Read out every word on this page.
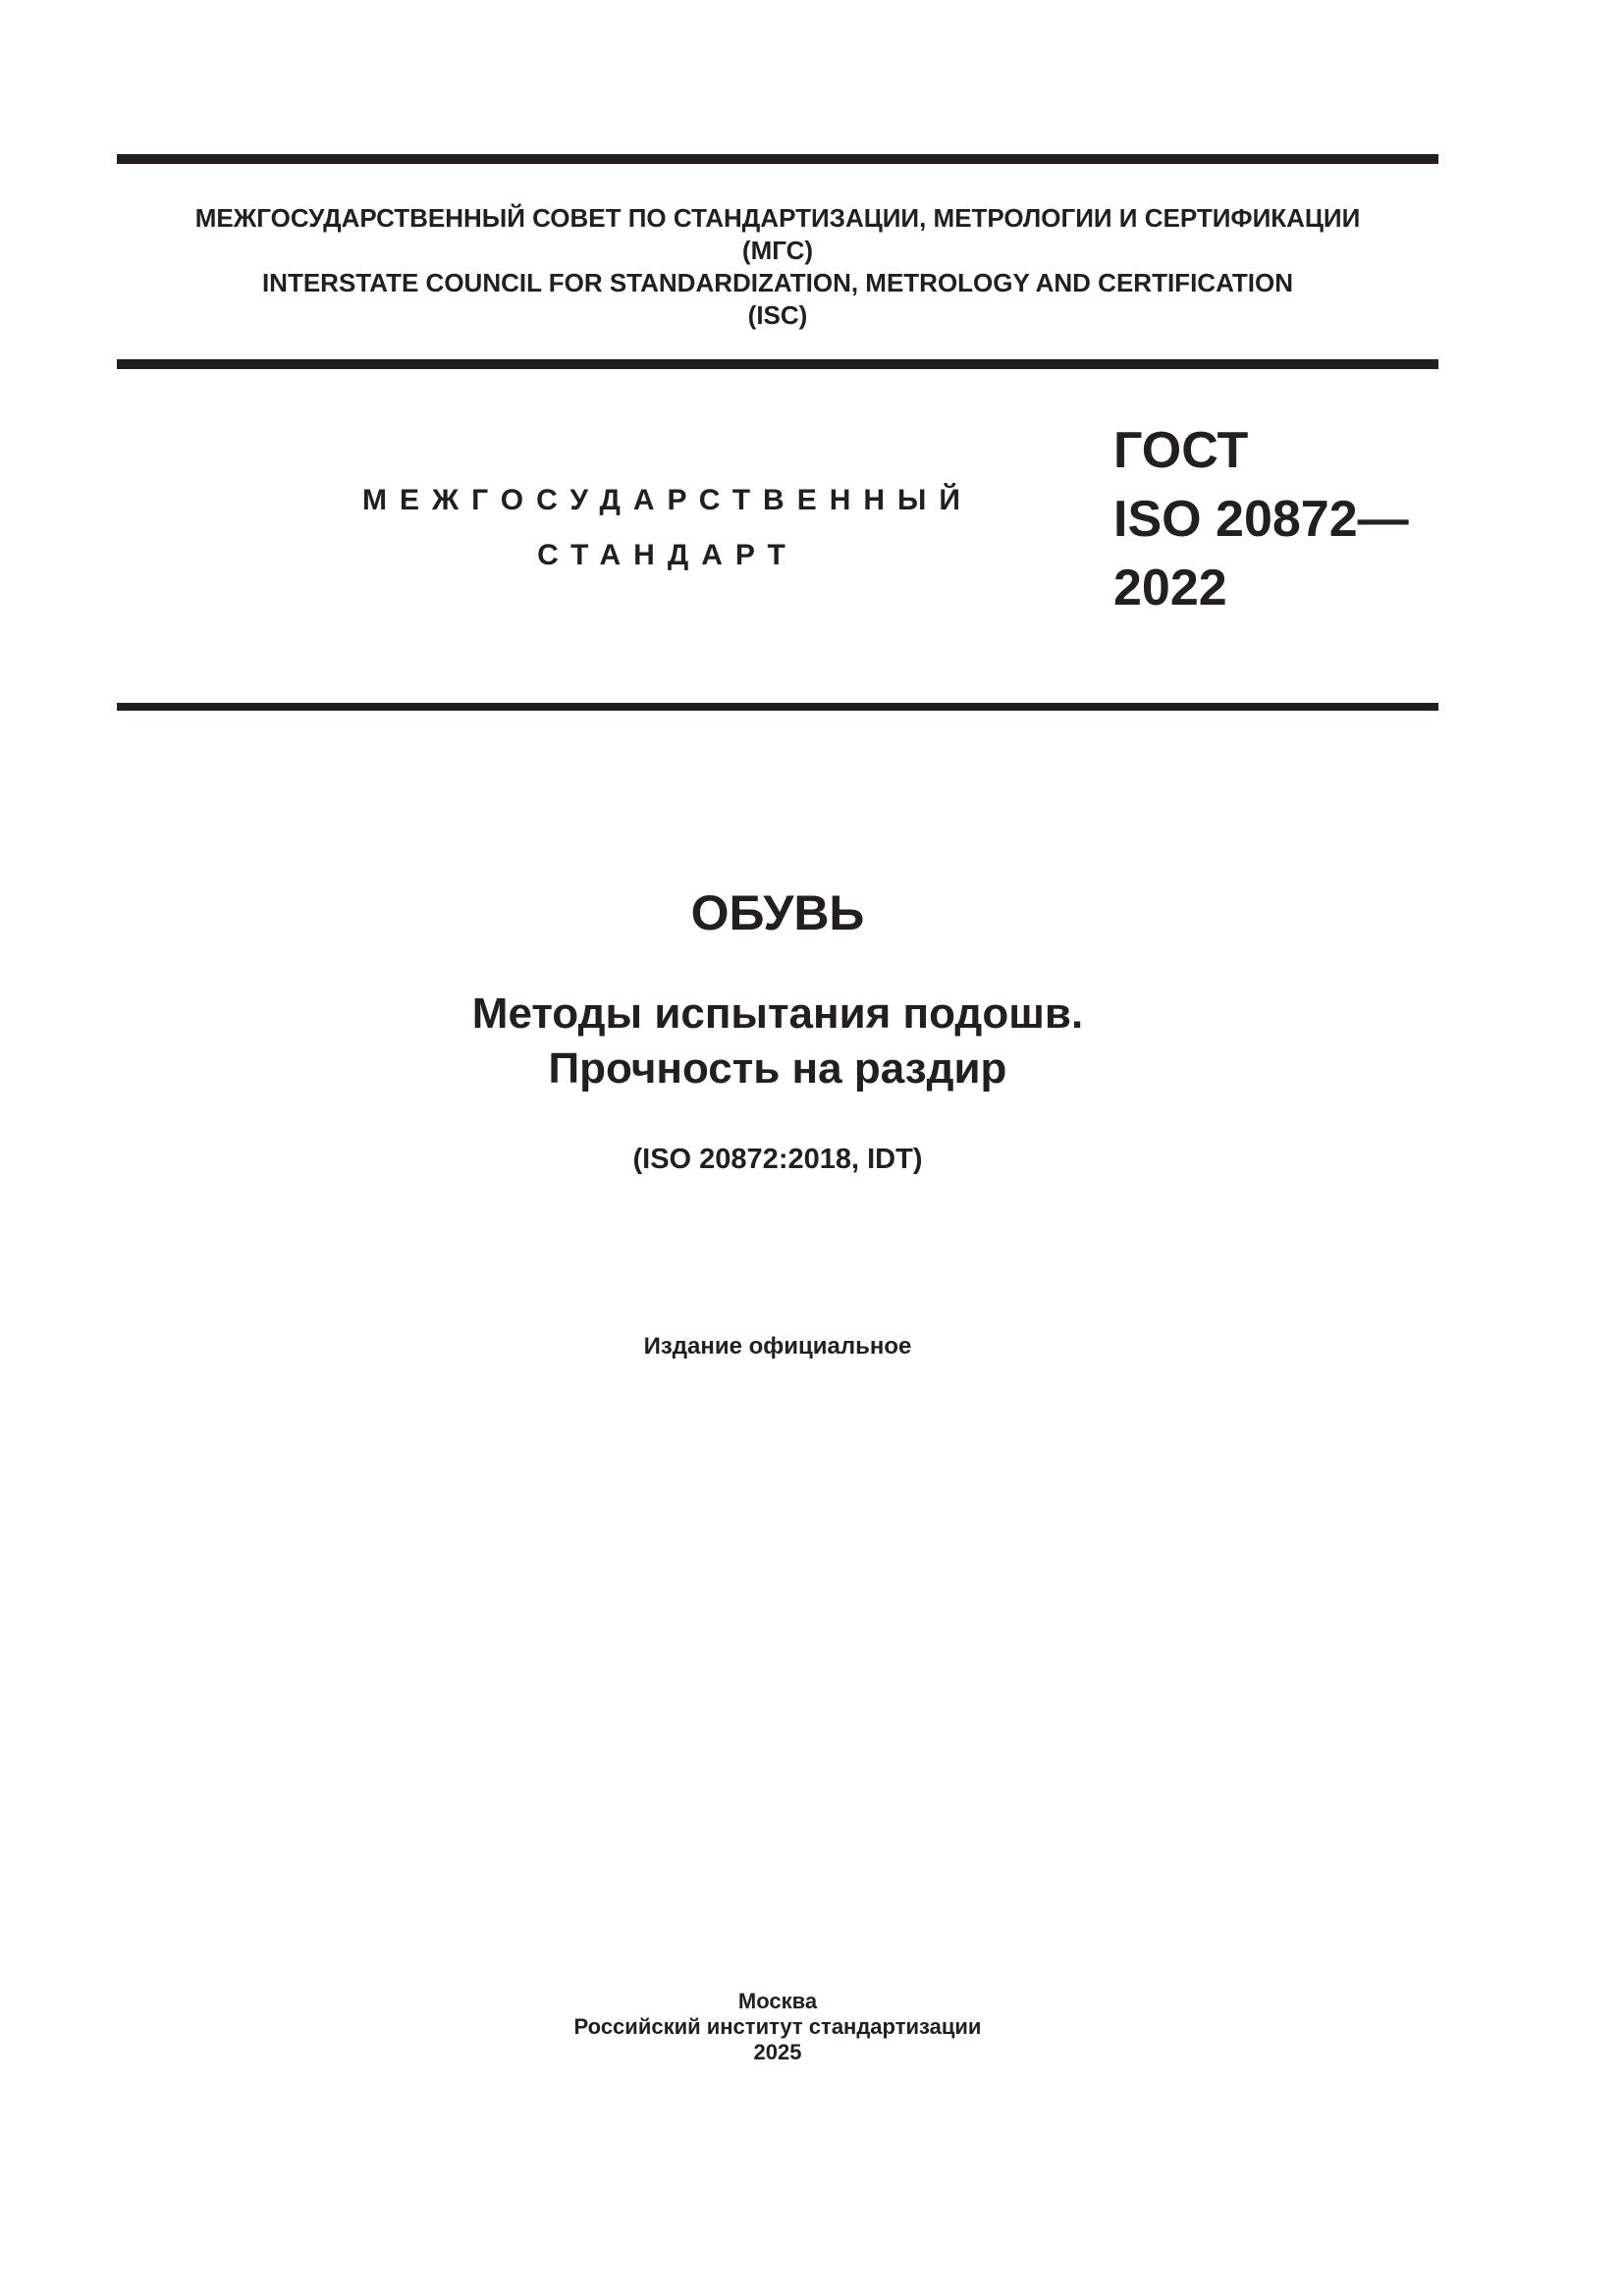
МЕЖГОСУДАРСТВЕННЫЙ СОВЕТ ПО СТАНДАРТИЗАЦИИ, МЕТРОЛОГИИ И СЕРТИФИКАЦИИ
(МГС)
INTERSTATE COUNCIL FOR STANDARDIZATION, METROLOGY AND CERTIFICATION
(ISC)
МЕЖГОСУДАРСТВЕННЫЙ
СТАНДАРТ
ГОСТ
ISO 20872—
2022
ОБУВЬ
Методы испытания подошв.
Прочность на раздир
(ISO 20872:2018, IDT)
Издание официальное
Москва
Российский институт стандартизации
2025
